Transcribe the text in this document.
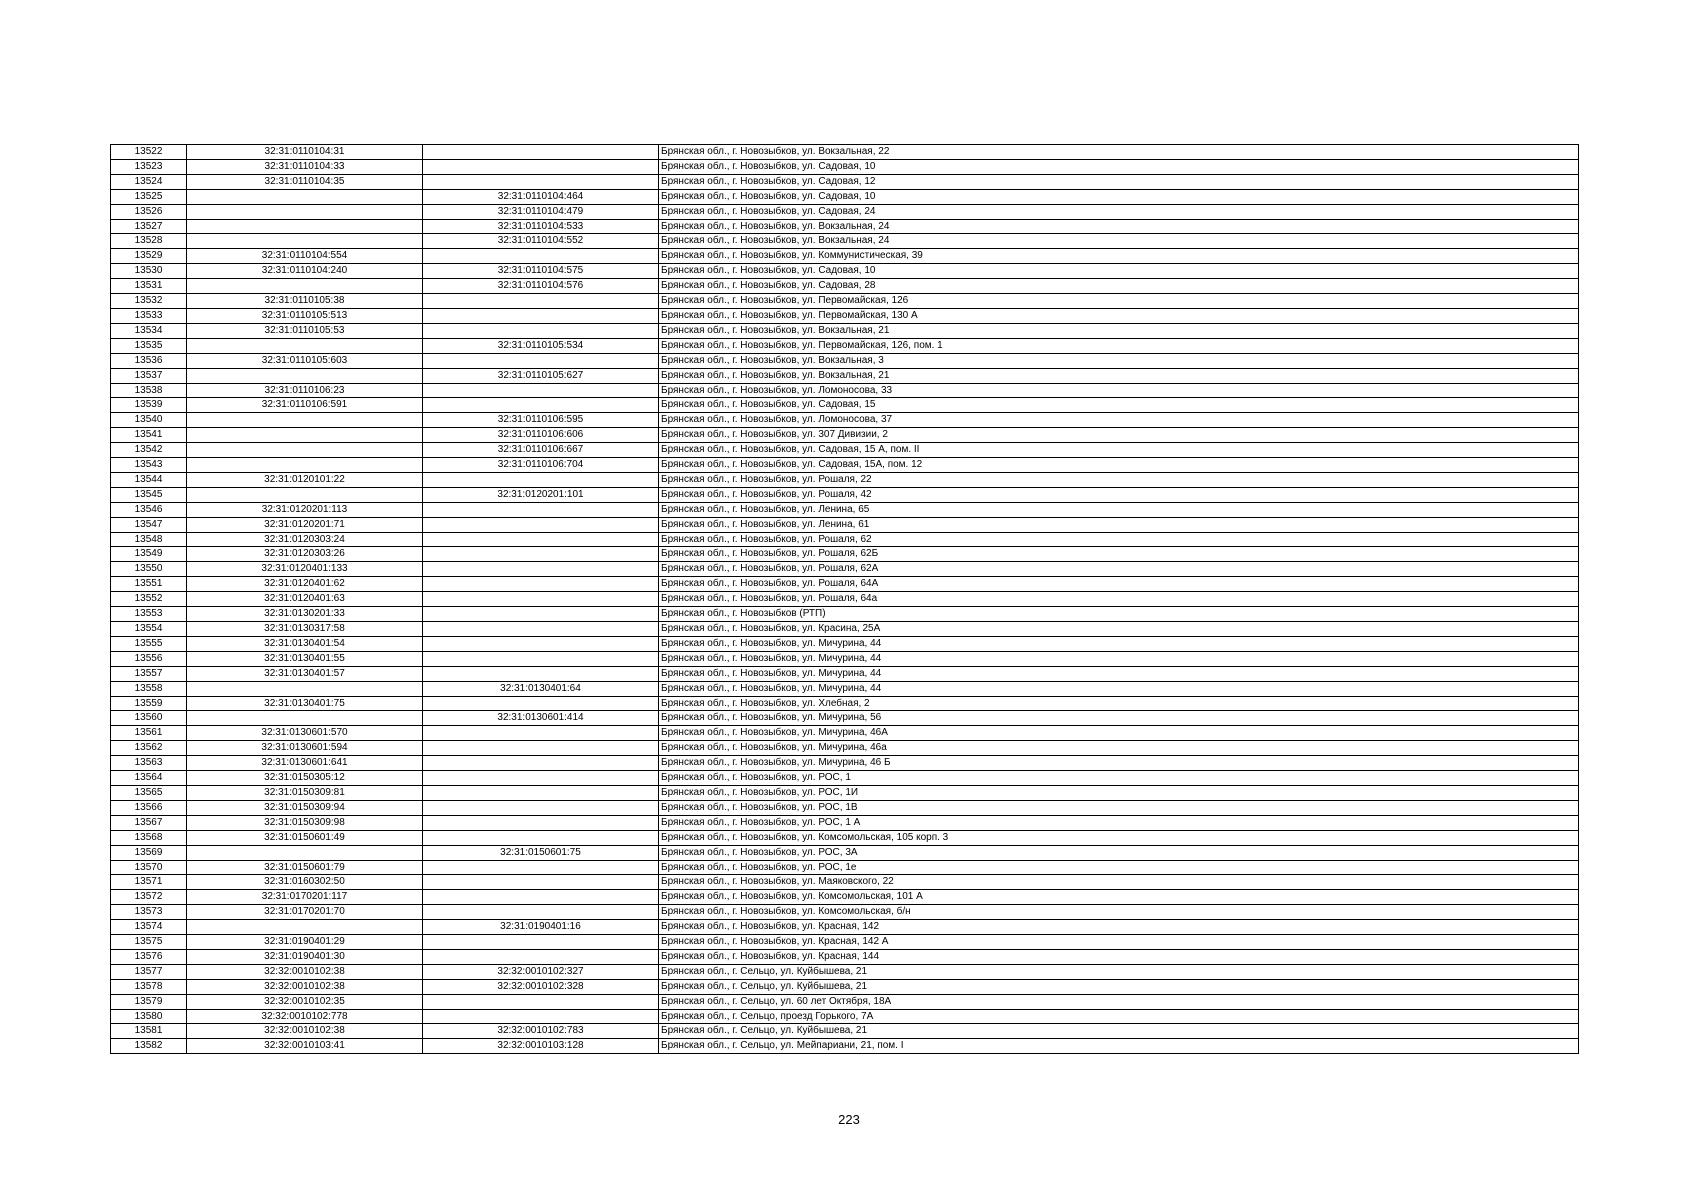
13522	32:31:0110104:31		Брянская обл., г. Новозыбков, ул. Вокзальная, 22
13523	32:31:0110104:33		Брянская обл., г. Новозыбков, ул. Садовая, 10
13524	32:31:0110104:35		Брянская обл., г. Новозыбков, ул. Садовая, 12
13525		32:31:0110104:464	Брянская обл., г. Новозыбков, ул. Садовая, 10
13526		32:31:0110104:479	Брянская обл., г. Новозыбков, ул. Садовая, 24
13527		32:31:0110104:533	Брянская обл., г. Новозыбков, ул. Вокзальная, 24
13528		32:31:0110104:552	Брянская обл., г. Новозыбков, ул. Вокзальная, 24
13529	32:31:0110104:554		Брянская обл., г. Новозыбков, ул. Коммунистическая, 39
13530	32:31:0110104:240	32:31:0110104:575	Брянская обл., г. Новозыбков, ул. Садовая, 10
13531		32:31:0110104:576	Брянская обл., г. Новозыбков, ул. Садовая, 28
13532	32:31:0110105:38		Брянская обл., г. Новозыбков, ул. Первомайская, 126
13533	32:31:0110105:513		Брянская обл., г. Новозыбков, ул. Первомайская, 130 А
13534	32:31:0110105:53		Брянская обл., г. Новозыбков, ул. Вокзальная, 21
13535		32:31:0110105:534	Брянская обл., г. Новозыбков, ул. Первомайская, 126, пом. 1
13536	32:31:0110105:603		Брянская обл., г. Новозыбков, ул. Вокзальная, 3
13537		32:31:0110105:627	Брянская обл., г. Новозыбков, ул. Вокзальная, 21
13538	32:31:0110106:23		Брянская обл., г. Новозыбков, ул. Ломоносова, 33
13539	32:31:0110106:591		Брянская обл., г. Новозыбков, ул. Садовая, 15
13540		32:31:0110106:595	Брянская обл., г. Новозыбков, ул. Ломоносова, 37
13541		32:31:0110106:606	Брянская обл., г. Новозыбков, ул. 307 Дивизии, 2
13542		32:31:0110106:667	Брянская обл., г. Новозыбков, ул. Садовая, 15 А, пом. II
13543		32:31:0110106:704	Брянская обл., г. Новозыбков, ул. Садовая, 15А, пом. 12
13544	32:31:0120101:22		Брянская обл., г. Новозыбков, ул. Рошаля, 22
13545		32:31:0120201:101	Брянская обл., г. Новозыбков, ул. Рошаля, 42
13546	32:31:0120201:113		Брянская обл., г. Новозыбков, ул. Ленина, 65
13547	32:31:0120201:71		Брянская обл., г. Новозыбков, ул. Ленина, 61
13548	32:31:0120303:24		Брянская обл., г. Новозыбков, ул. Рошаля, 62
13549	32:31:0120303:26		Брянская обл., г. Новозыбков, ул. Рошаля, 62Б
13550	32:31:0120401:133		Брянская обл., г. Новозыбков, ул. Рошаля, 62А
13551	32:31:0120401:62		Брянская обл., г. Новозыбков, ул. Рошаля, 64А
13552	32:31:0120401:63		Брянская обл., г. Новозыбков, ул. Рошаля, 64а
13553	32:31:0130201:33		Брянская обл., г. Новозыбков (РТП)
13554	32:31:0130317:58		Брянская обл., г. Новозыбков, ул. Красина, 25А
13555	32:31:0130401:54		Брянская обл., г. Новозыбков, ул. Мичурина, 44
13556	32:31:0130401:55		Брянская обл., г. Новозыбков, ул. Мичурина, 44
13557	32:31:0130401:57		Брянская обл., г. Новозыбков, ул. Мичурина, 44
13558		32:31:0130401:64	Брянская обл., г. Новозыбков, ул. Мичурина, 44
13559	32:31:0130401:75		Брянская обл., г. Новозыбков, ул. Хлебная, 2
13560		32:31:0130601:414	Брянская обл., г. Новозыбков, ул. Мичурина, 56
13561	32:31:0130601:570		Брянская обл., г. Новозыбков, ул. Мичурина, 46А
13562	32:31:0130601:594		Брянская обл., г. Новозыбков, ул. Мичурина, 46а
13563	32:31:0130601:641		Брянская обл., г. Новозыбков, ул. Мичурина, 46 Б
13564	32:31:0150305:12		Брянская обл., г. Новозыбков, ул. РОС, 1
13565	32:31:0150309:81		Брянская обл., г. Новозыбков, ул. РОС, 1И
13566	32:31:0150309:94		Брянская обл., г. Новозыбков, ул. РОС, 1В
13567	32:31:0150309:98		Брянская обл., г. Новозыбков, ул. РОС, 1 А
13568	32:31:0150601:49		Брянская обл., г. Новозыбков, ул. Комсомольская, 105 корп. 3
13569		32:31:0150601:75	Брянская обл., г. Новозыбков, ул. РОС, 3А
13570	32:31:0150601:79		Брянская обл., г. Новозыбков, ул. РОС, 1е
13571	32:31:0160302:50		Брянская обл., г. Новозыбков, ул. Маяковского, 22
13572	32:31:0170201:117		Брянская обл., г. Новозыбков, ул. Комсомольская, 101 А
13573	32:31:0170201:70		Брянская обл., г. Новозыбков, ул. Комсомольская, б/н
13574		32:31:0190401:16	Брянская обл., г. Новозыбков, ул. Красная, 142
13575	32:31:0190401:29		Брянская обл., г. Новозыбков, ул. Красная, 142 А
13576	32:31:0190401:30		Брянская обл., г. Новозыбков, ул. Красная, 144
13577	32:32:0010102:38	32:32:0010102:327	Брянская обл., г. Сельцо, ул. Куйбышева, 21
13578	32:32:0010102:38	32:32:0010102:328	Брянская обл., г. Сельцо, ул. Куйбышева, 21
13579	32:32:0010102:35		Брянская обл., г. Сельцо, ул. 60 лет Октября, 18А
13580	32:32:0010102:778		Брянская обл., г. Сельцо, проезд Горького, 7А
13581	32:32:0010102:38	32:32:0010102:783	Брянская обл., г. Сельцо, ул. Куйбышева, 21
13582	32:32:0010103:41	32:32:0010103:128	Брянская обл., г. Сельцо, ул. Мейпариани, 21, пом. I
223
